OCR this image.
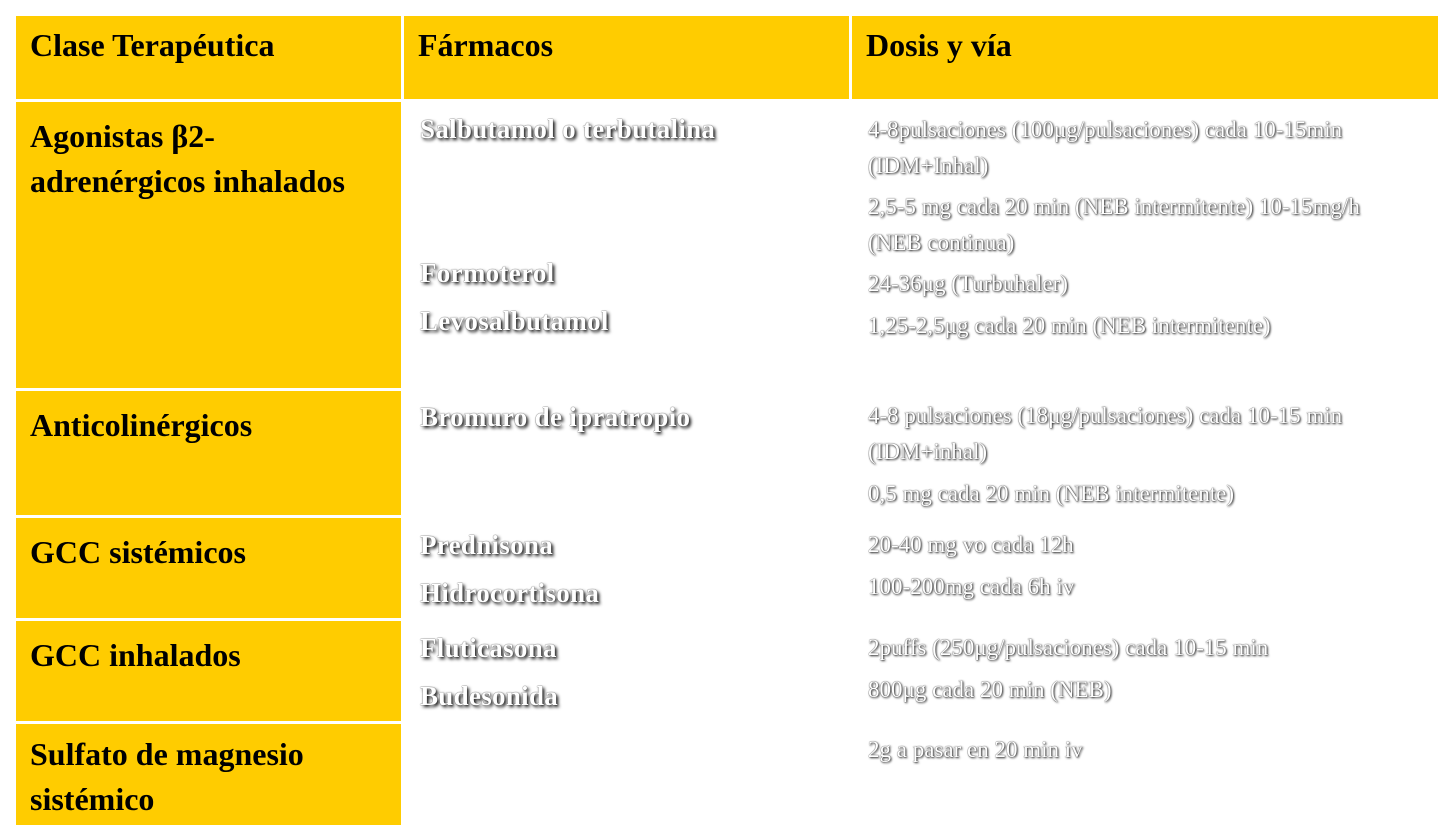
Clase Terapéutica	Fármacos	Dosis y vía
Agonistas β2-adrenérgicos inhalados
Anticolinérgicos
GCC sistémicos
GCC inhalados
Sulfato de magnesio sistémico
Salbutamol o terbutalina
Formoterol
Levosalbutamol
Bromuro de ipratropio
Prednisona
Hidrocortisona
Fluticasona
Budesonida
4-8pulsaciones (100μg/pulsaciones) cada 10-15min (IDM+Inhal)
2,5-5 mg cada 20 min (NEB intermitente) 10-15mg/h (NEB continua)
24-36μg (Turbuhaler)
1,25-2,5μg cada 20 min (NEB intermitente)
4-8 pulsaciones (18μg/pulsaciones) cada 10-15 min (IDM+inhal)
0,5 mg cada 20 min (NEB intermitente)
20-40 mg vo cada 12h
100-200mg cada 6h iv
2puffs (250μg/pulsaciones) cada 10-15 min
800μg cada 20 min (NEB)
2g a pasar en 20 min iv
